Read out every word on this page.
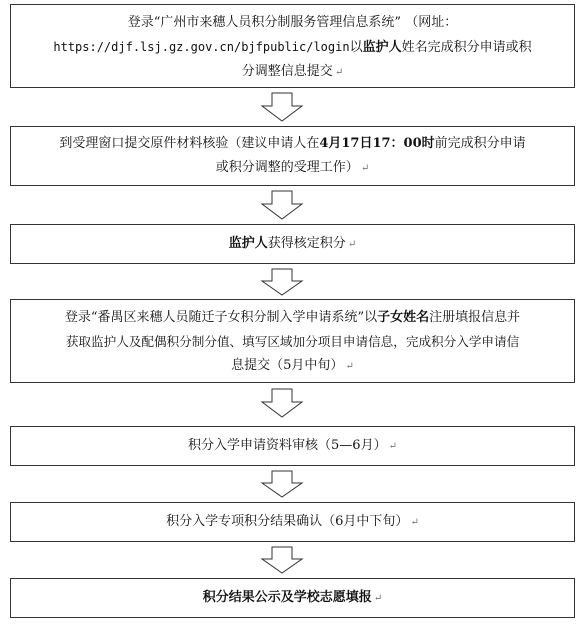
登录“广州市来穗人员积分制服务管理信息系统” （网址：
https://djf.lsj.gz.gov.cn/bjfpublic/login以监护人姓名完成积分申请或积
分调整信息提交 ↵
到受理窗口提交原件材料核验（建议申请人在4月17日17：00时前完成积分申请
或积分调整的受理工作） ↵
监护人获得核定积分 ↵
登录“番禺区来穗人员随迁子女积分制入学申请系统”以子女姓名注册填报信息并
获取监护人及配偶积分制分值、填写区域加分项目申请信息，完成积分入学申请信
息提交（5月中旬） ↵
积分入学申请资料审核（5—6月） ↵
积分入学专项积分结果确认（6月中下旬） ↵
积分结果公示及学校志愿填报 ↵
